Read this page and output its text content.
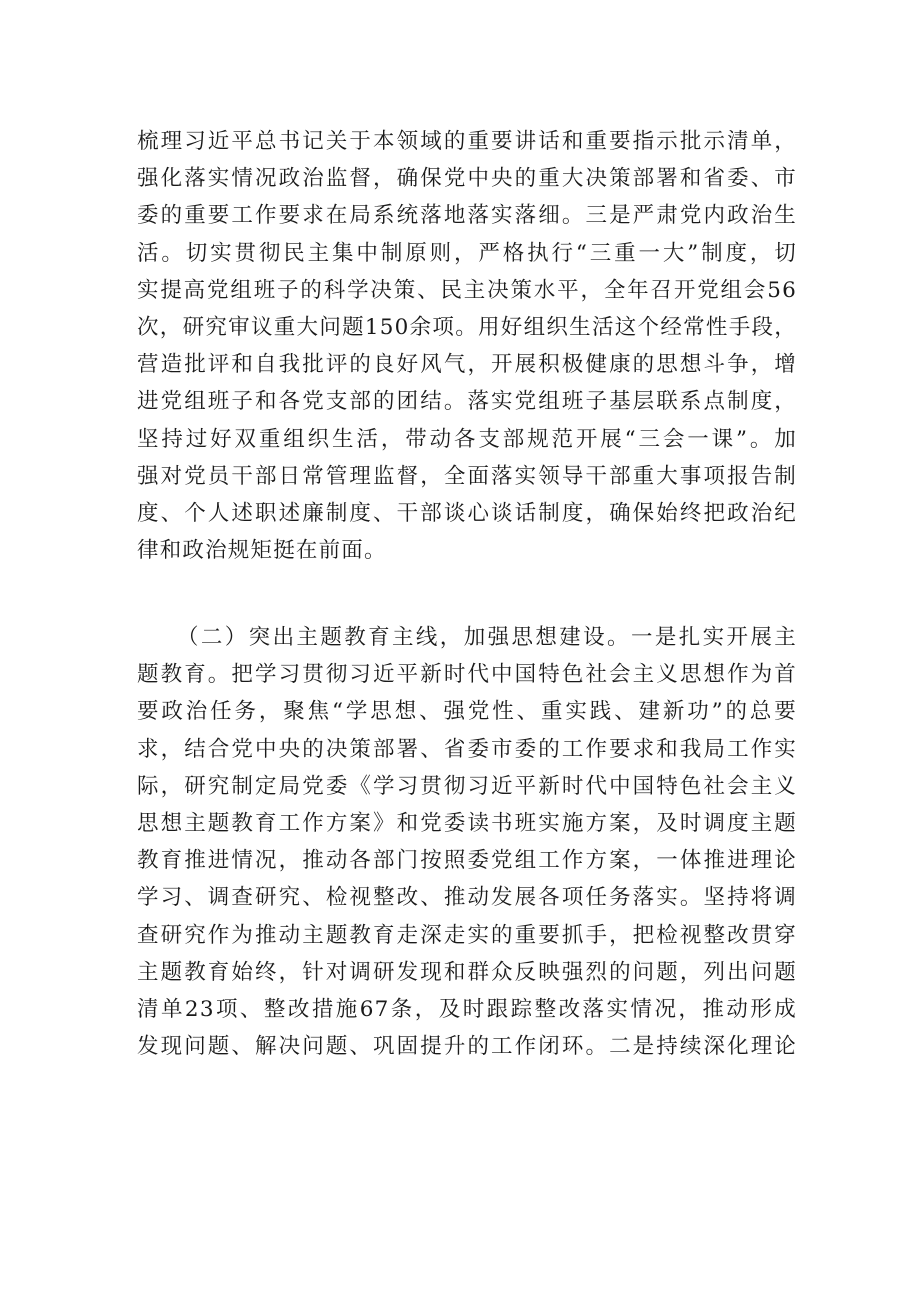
梳理习近平总书记关于本领域的重要讲话和重要指示批示清单，
强化落实情况政治监督，确保党中央的重大决策部署和省委、市
委的重要工作要求在局系统落地落实落细。三是严肃党内政治生
活。切实贯彻民主集中制原则，严格执行“三重一大”制度，切
实提高党组班子的科学决策、民主决策水平，全年召开党组会56
次，研究审议重大问题150余项。用好组织生活这个经常性手段，
营造批评和自我批评的良好风气，开展积极健康的思想斗争，增
进党组班子和各党支部的团结。落实党组班子基层联系点制度，
坚持过好双重组织生活，带动各支部规范开展“三会一课”。加
强对党员干部日常管理监督，全面落实领导干部重大事项报告制
度、个人述职述廉制度、干部谈心谈话制度，确保始终把政治纪
律和政治规矩挺在前面。
（二）突出主题教育主线，加强思想建设。一是扎实开展主
题教育。把学习贯彻习近平新时代中国特色社会主义思想作为首
要政治任务，聚焦“学思想、强党性、重实践、建新功”的总要
求，结合党中央的决策部署、省委市委的工作要求和我局工作实
际，研究制定局党委《学习贯彻习近平新时代中国特色社会主义
思想主题教育工作方案》和党委读书班实施方案，及时调度主题
教育推进情况，推动各部门按照委党组工作方案，一体推进理论
学习、调查研究、检视整改、推动发展各项任务落实。坚持将调
查研究作为推动主题教育走深走实的重要抓手，把检视整改贯穿
主题教育始终，针对调研发现和群众反映强烈的问题，列出问题
清单23项、整改措施67条，及时跟踪整改落实情况，推动形成
发现问题、解决问题、巩固提升的工作闭环。二是持续深化理论
